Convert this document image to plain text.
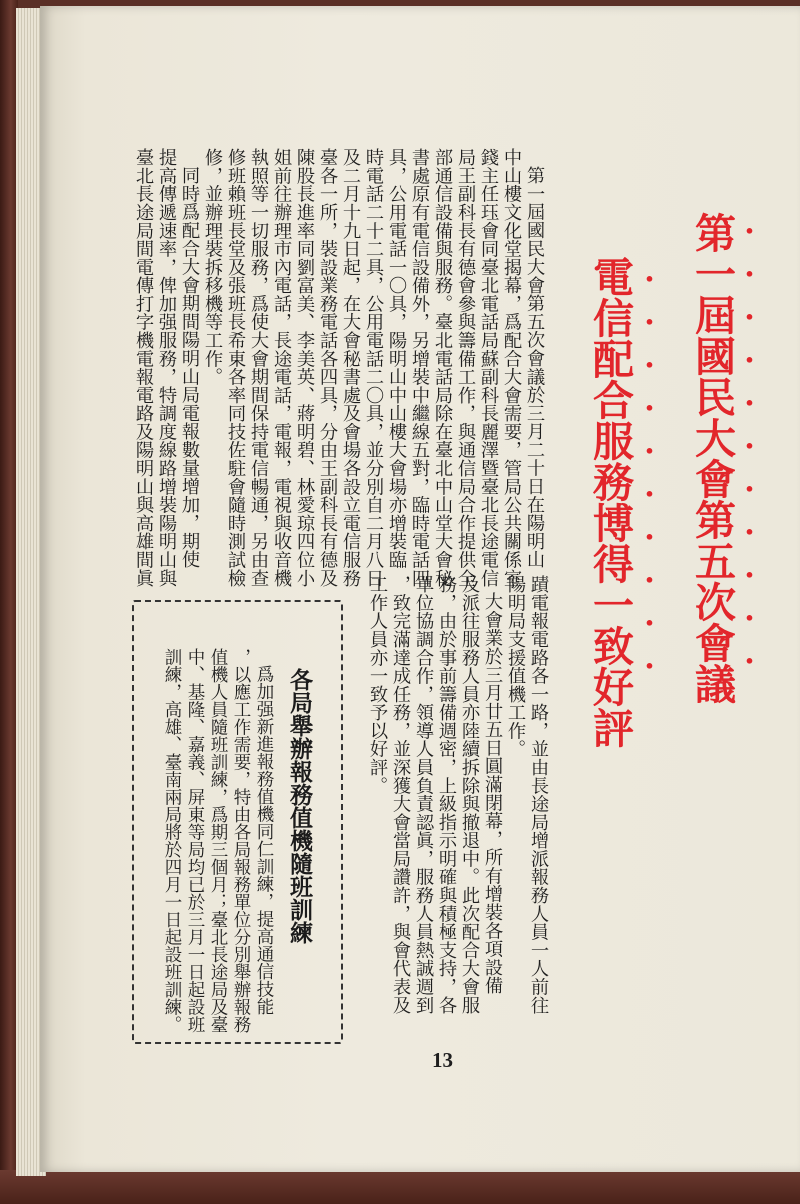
•••••••••••
第一屆國民大會第五次會議
••••••••••
電信配合服務博得一致好評
第一屆國民大會第五次會議於三月二十日在陽明山
中山樓文化堂揭幕，爲配合大會需要，管局公共關係室
錢主任珏會同臺北電話局蘇副科長麗澤暨臺北長途電信
局王副科長有德會參與籌備工作，與通信局合作提供全
部通信設備與服務。臺北電話局除在臺北中山堂大會秘
書處原有電信設備外，另增裝中繼線五對，臨時電話四
具，公用電話一〇具，陽明山中山樓大會場亦增裝臨
時電話二十二具，公用電話二〇具，並分別自二月八日
及二月十九日起，在大會秘書處及會場各設立電信服務
臺各一所，裝設業務電話各四具，分由王副科長有德及
陳股長進率同劉富美、李美英、蔣明碧、林愛琼四位小
姐前往辦理市內電話，長途電話，電報，電視與收音機
執照等一切服務，爲使大會期間保持電信暢通，另由查
修班賴班長堂及張班長希東各率同技佐駐會隨時測試檢
修，並辦理裝拆移機等工作。
同時爲配合大會期間陽明山局電報數量增加，期使
提高傳遞速率，俾加强服務，特調度線路增裝陽明山與
臺北長途局間電傳打字機電報電路及陽明山與高雄間眞
蹟電報電路各一路，並由長途局增派報務人員一人前往
陽明局支援值機工作。
大會業於三月廿五日圓滿閉幕，所有增裝各項設備
及派往服務人員亦陸續拆除與撤退中。此次配合大會服
務，由於事前籌備週密，上級指示明確與積極支持，各
單位協調合作，領導人員負責認眞，服務人員熱誠週到
，致完滿達成任務，並深獲大會當局讚許，與會代表及
工作人員亦一致予以好評。
各局舉辦報務值機隨班訓練
爲加强新進報務值機同仁訓練，提高通信技能
，以應工作需要，特由各局報務單位分別舉辦報務
值機人員隨班訓練，爲期三個月；臺北長途局及臺
中、基隆、嘉義、屏東等局均已於三月一日起設班
訓練，高雄、臺南兩局將於四月一日起設班訓練。
13
